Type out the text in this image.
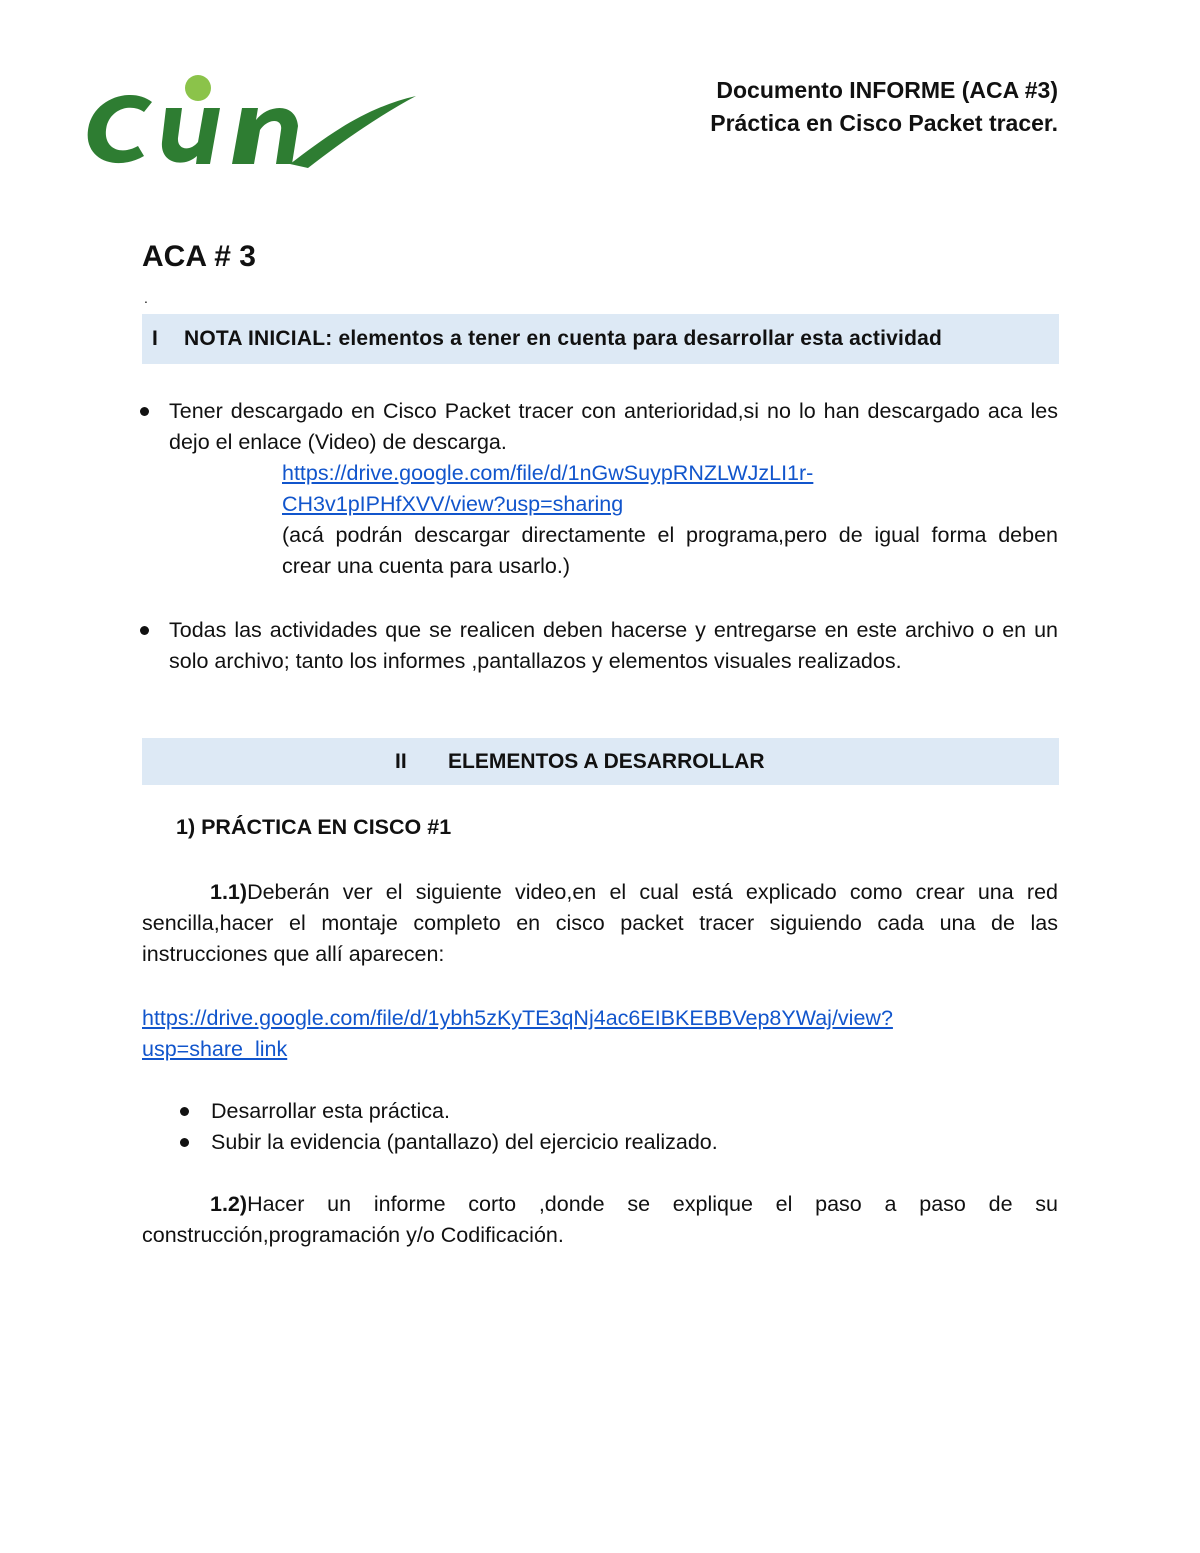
Documento INFORME (ACA #3)
Práctica en Cisco Packet tracer.
ACA # 3
.
I NOTA INICIAL: elementos a tener en cuenta para desarrollar esta actividad
Tener descargado en Cisco Packet tracer con anterioridad,si no lo han descargado aca les dejo el enlace (Video) de descarga.
https://drive.google.com/file/d/1nGwSuypRNZLWJzLI1r-
CH3v1pIPHfXVV/view?usp=sharing
(acá podrán descargar directamente el programa,pero de igual forma deben crear una cuenta para usarlo.)
Todas las actividades que se realicen deben hacerse y entregarse en este archivo o en un solo archivo; tanto los informes ,pantallazos y elementos visuales realizados.
II ELEMENTOS A DESARROLLAR
1) PRÁCTICA EN CISCO #1

1.1)Deberán ver el siguiente video,en el cual está explicado como crear una red sencilla,hacer el montaje completo en cisco packet tracer siguiendo cada una de las instrucciones que allí aparecen:

https://drive.google.com/file/d/1ybh5zKyTE3qNj4ac6EIBKEBBVep8YWaj/view?
usp=share_link
Desarrollar esta práctica.
Subir la evidencia (pantallazo) del ejercicio realizado.

1.2)Hacer un informe corto ,donde se explique el paso a paso de su construcción,programación y/o Codificación.
